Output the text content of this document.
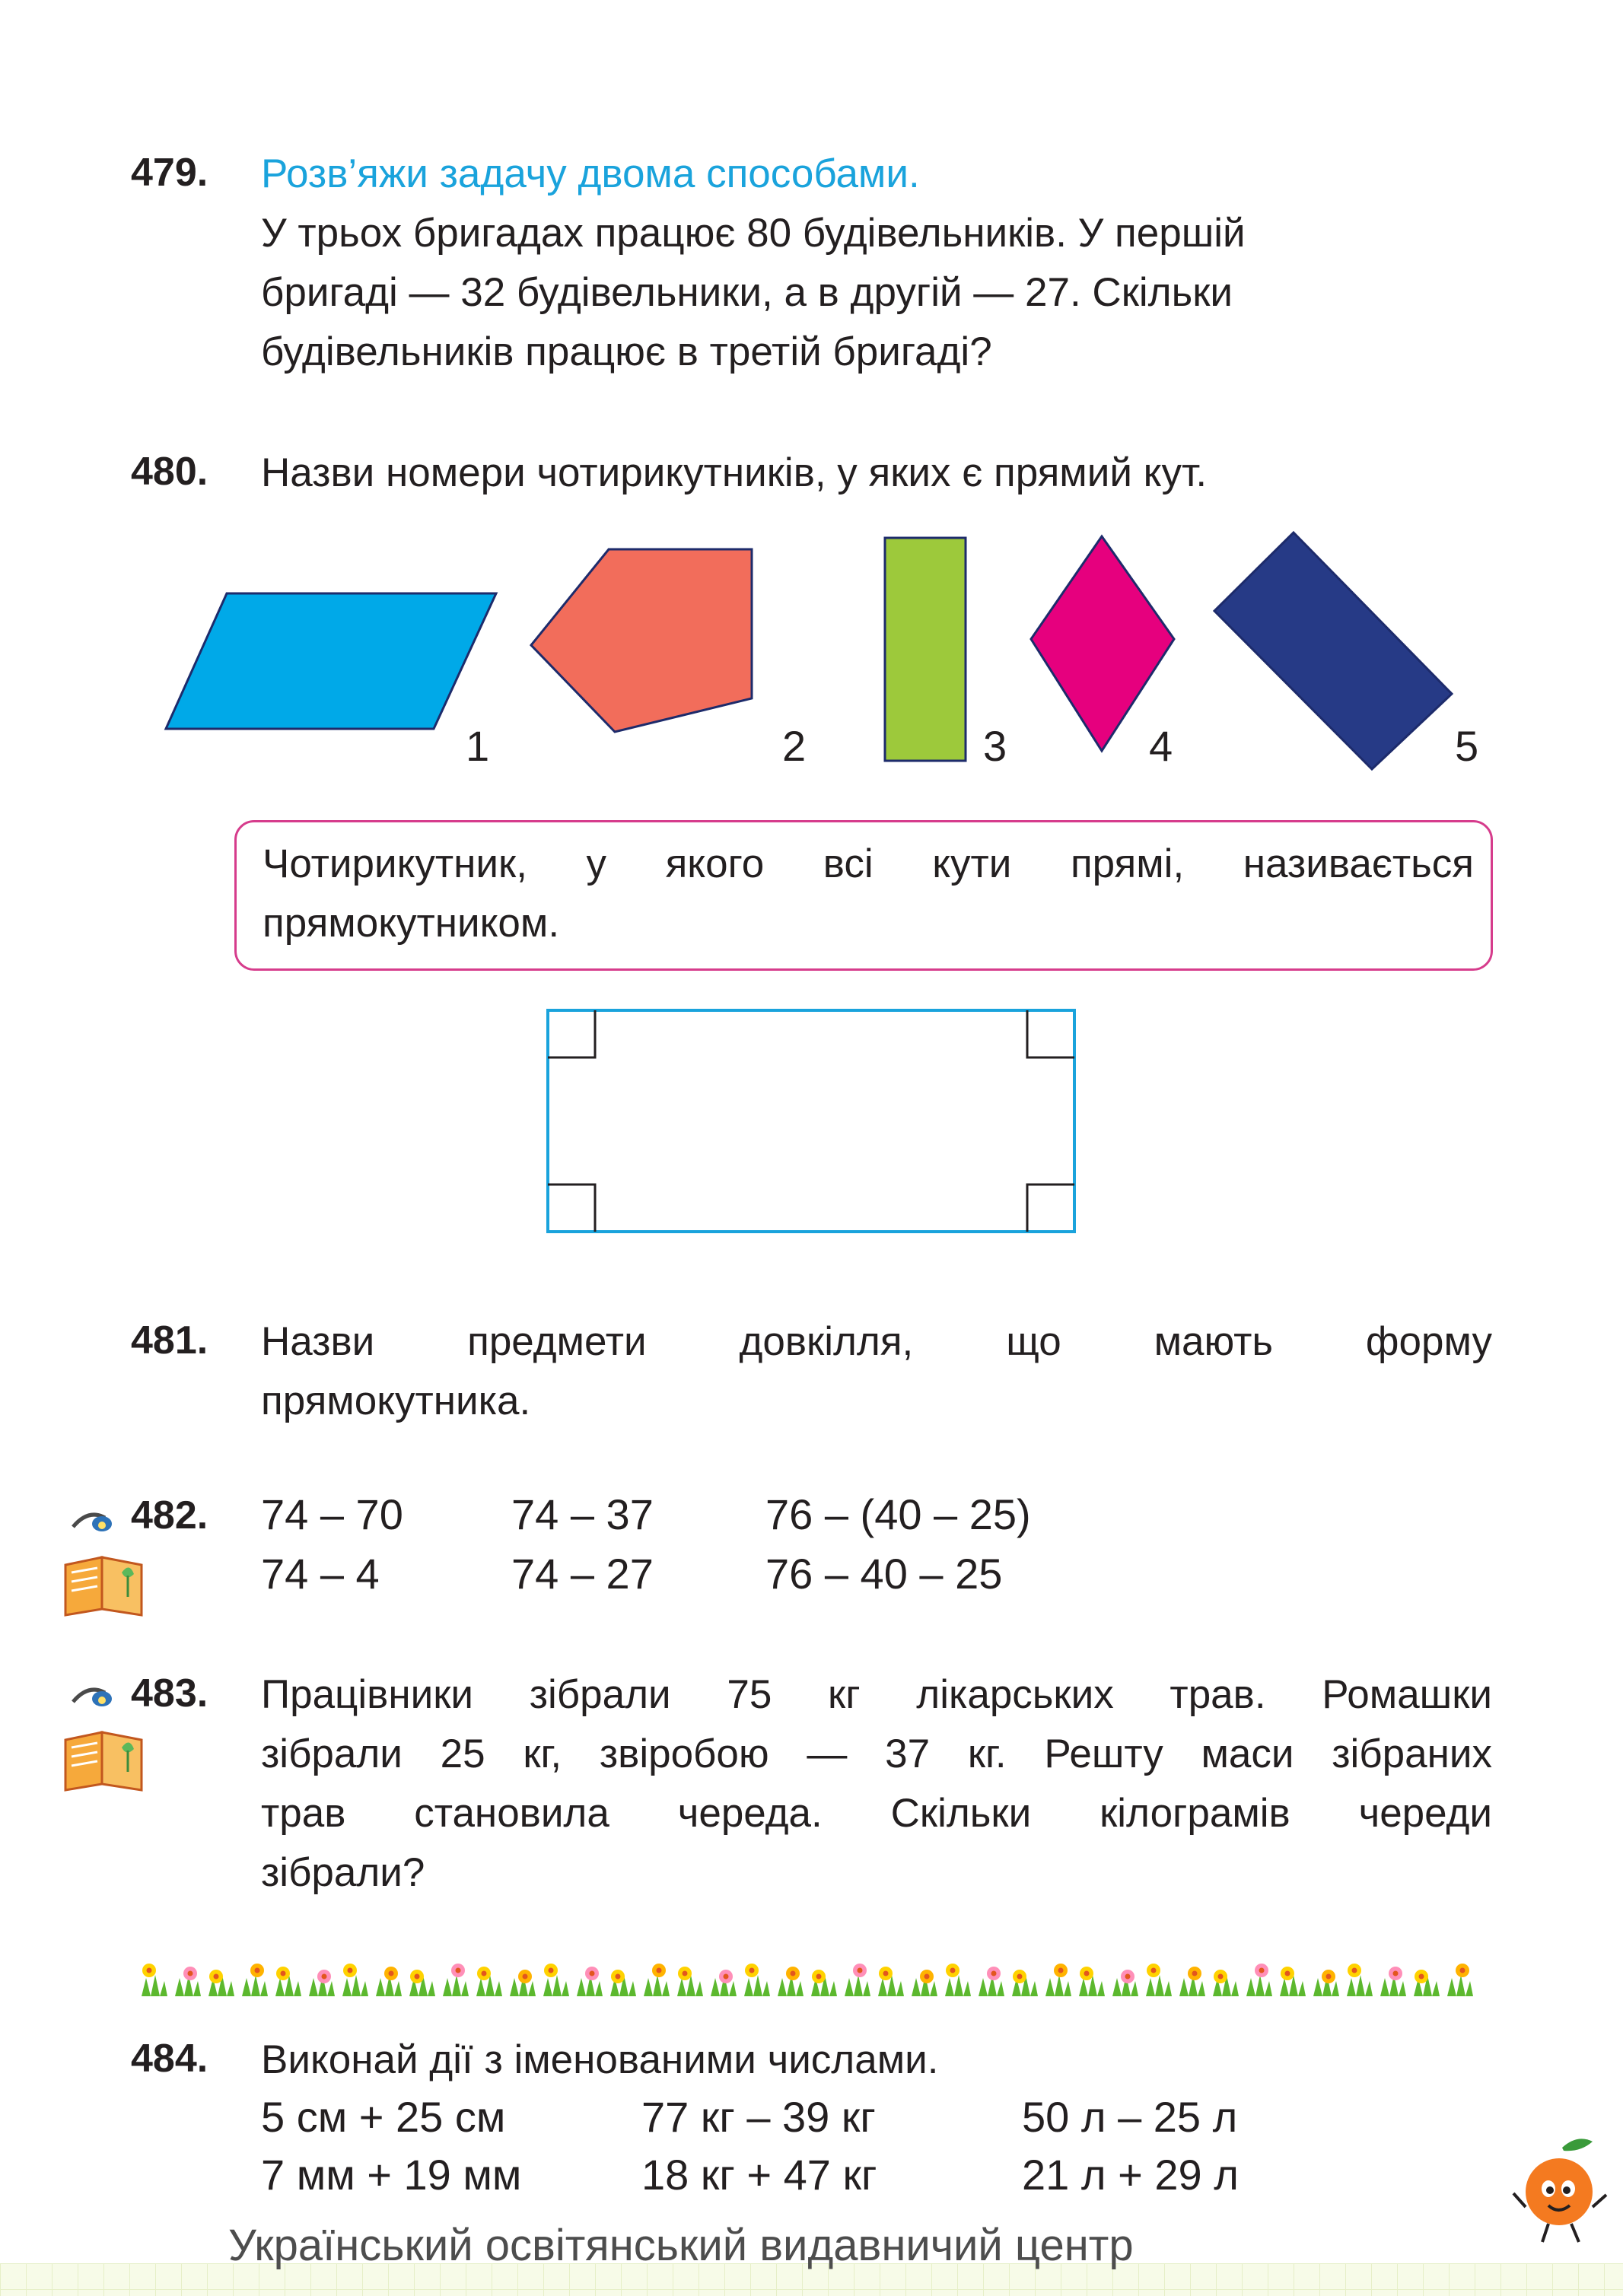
479. Розв’яжи задачу двома способами.
У трьох бригадах працює 80 будівельників. У першій
бригаді — 32 будівельники, а в другій — 27. Скільки
будівельників працює в третій бригаді?
480. Назви номери чотирикутників, у яких є прямий кут.
1	2	3	4	5
Чотирикутник, у якого всі кути прямі, називається
прямокутником.
481. Назви предмети довкілля, що мають форму
прямокутника.
482. 74 – 70	74 – 37	76 – (40 – 25)
74 – 4	74 – 27	76 – 40 – 25
483. Працівники зібрали 75 кг лікарських трав. Ромашки
зібрали 25 кг, звіробою — 37 кг. Решту маси зібраних
трав становила череда. Скільки кілограмів череди
зібрали?
484. Виконай дії з іменованими числами.
5 см + 25 см	77 кг – 39 кг	50 л – 25 л
7 мм + 19 мм	18 кг + 47 кг	21 л + 29 л
Український освітянський видавничий центр
